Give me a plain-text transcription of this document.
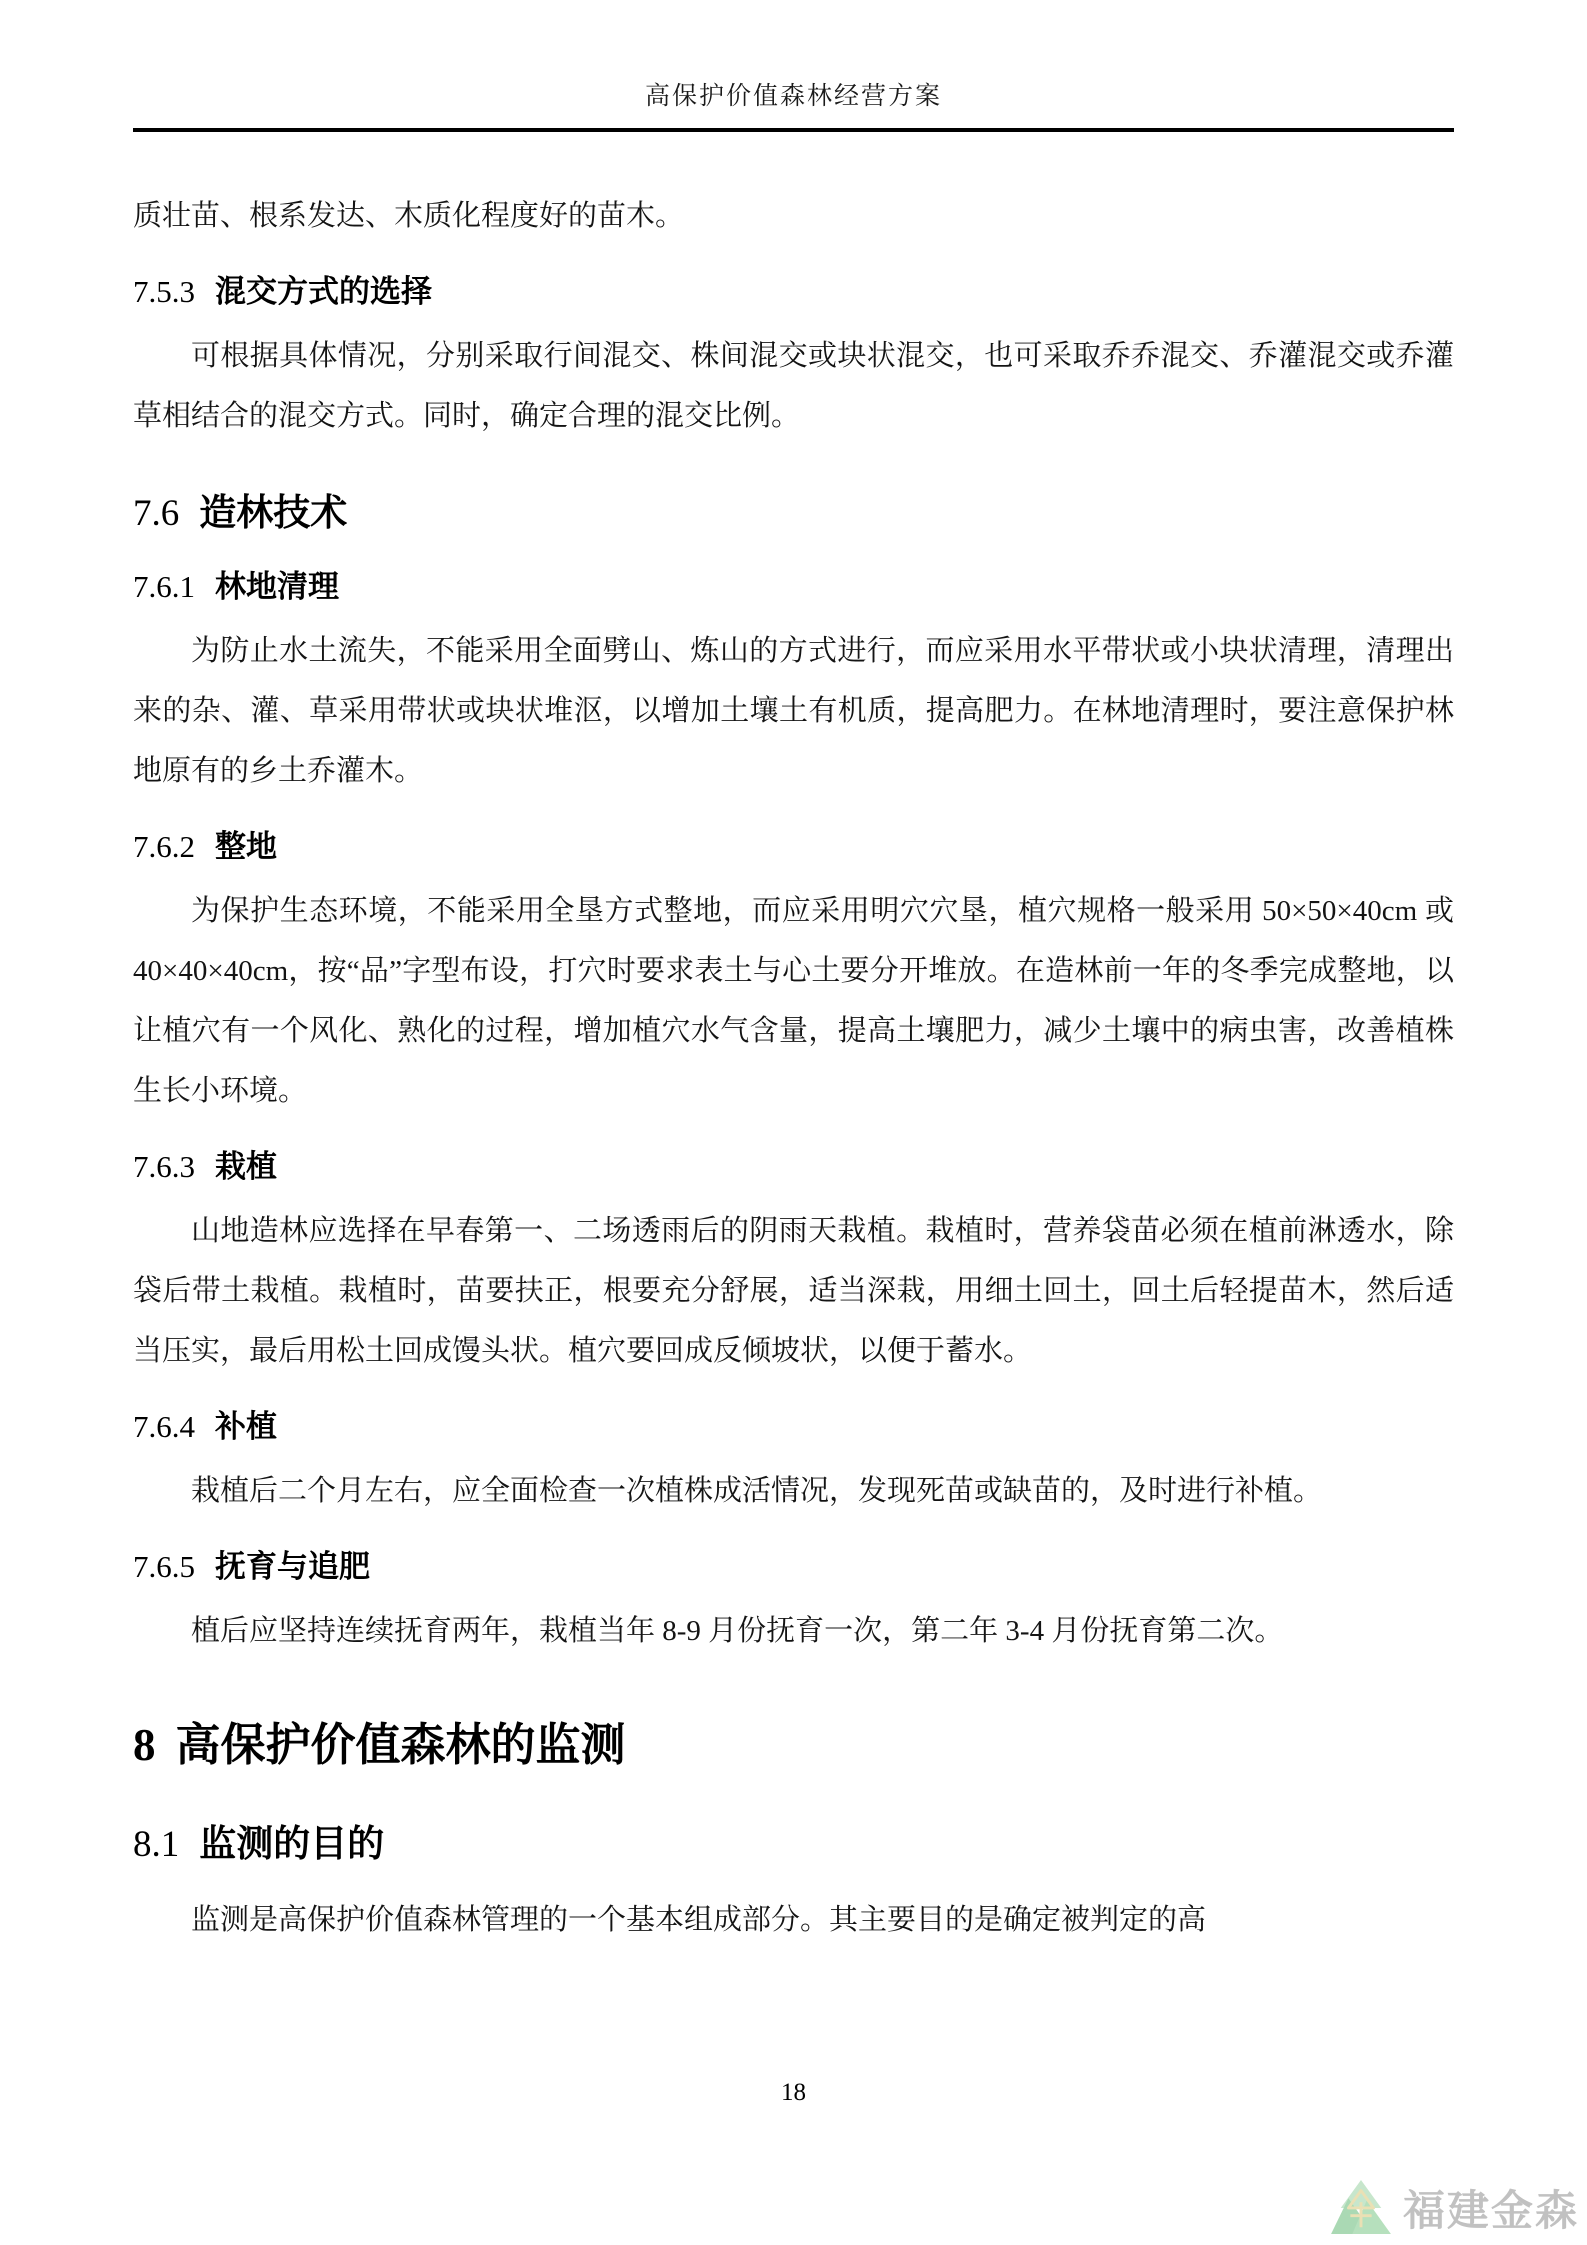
高保护价值森林经营方案
质壮苗、根系发达、木质化程度好的苗木。
7.5.3 混交方式的选择
可根据具体情况，分别采取行间混交、株间混交或块状混交，也可采取乔乔混交、乔灌混交或乔灌草相结合的混交方式。同时，确定合理的混交比例。
7.6 造林技术
7.6.1 林地清理
为防止水土流失，不能采用全面劈山、炼山的方式进行，而应采用水平带状或小块状清理，清理出来的杂、灌、草采用带状或块状堆沤，以增加土壤土有机质，提高肥力。在林地清理时，要注意保护林地原有的乡土乔灌木。
7.6.2 整地
为保护生态环境，不能采用全垦方式整地，而应采用明穴穴垦，植穴规格一般采用 50×50×40cm 或 40×40×40cm，按“品”字型布设，打穴时要求表土与心土要分开堆放。在造林前一年的冬季完成整地，以让植穴有一个风化、熟化的过程，增加植穴水气含量，提高土壤肥力，减少土壤中的病虫害，改善植株生长小环境。
7.6.3 栽植
山地造林应选择在早春第一、二场透雨后的阴雨天栽植。栽植时，营养袋苗必须在植前淋透水，除袋后带土栽植。栽植时，苗要扶正，根要充分舒展，适当深栽，用细土回土，回土后轻提苗木，然后适当压实，最后用松土回成馒头状。植穴要回成反倾坡状，以便于蓄水。
7.6.4 补植
栽植后二个月左右，应全面检查一次植株成活情况，发现死苗或缺苗的，及时进行补植。
7.6.5 抚育与追肥
植后应坚持连续抚育两年，栽植当年 8-9 月份抚育一次，第二年 3-4 月份抚育第二次。
8 高保护价值森林的监测
8.1 监测的目的
监测是高保护价值森林管理的一个基本组成部分。其主要目的是确定被判定的高
18
福建金森
